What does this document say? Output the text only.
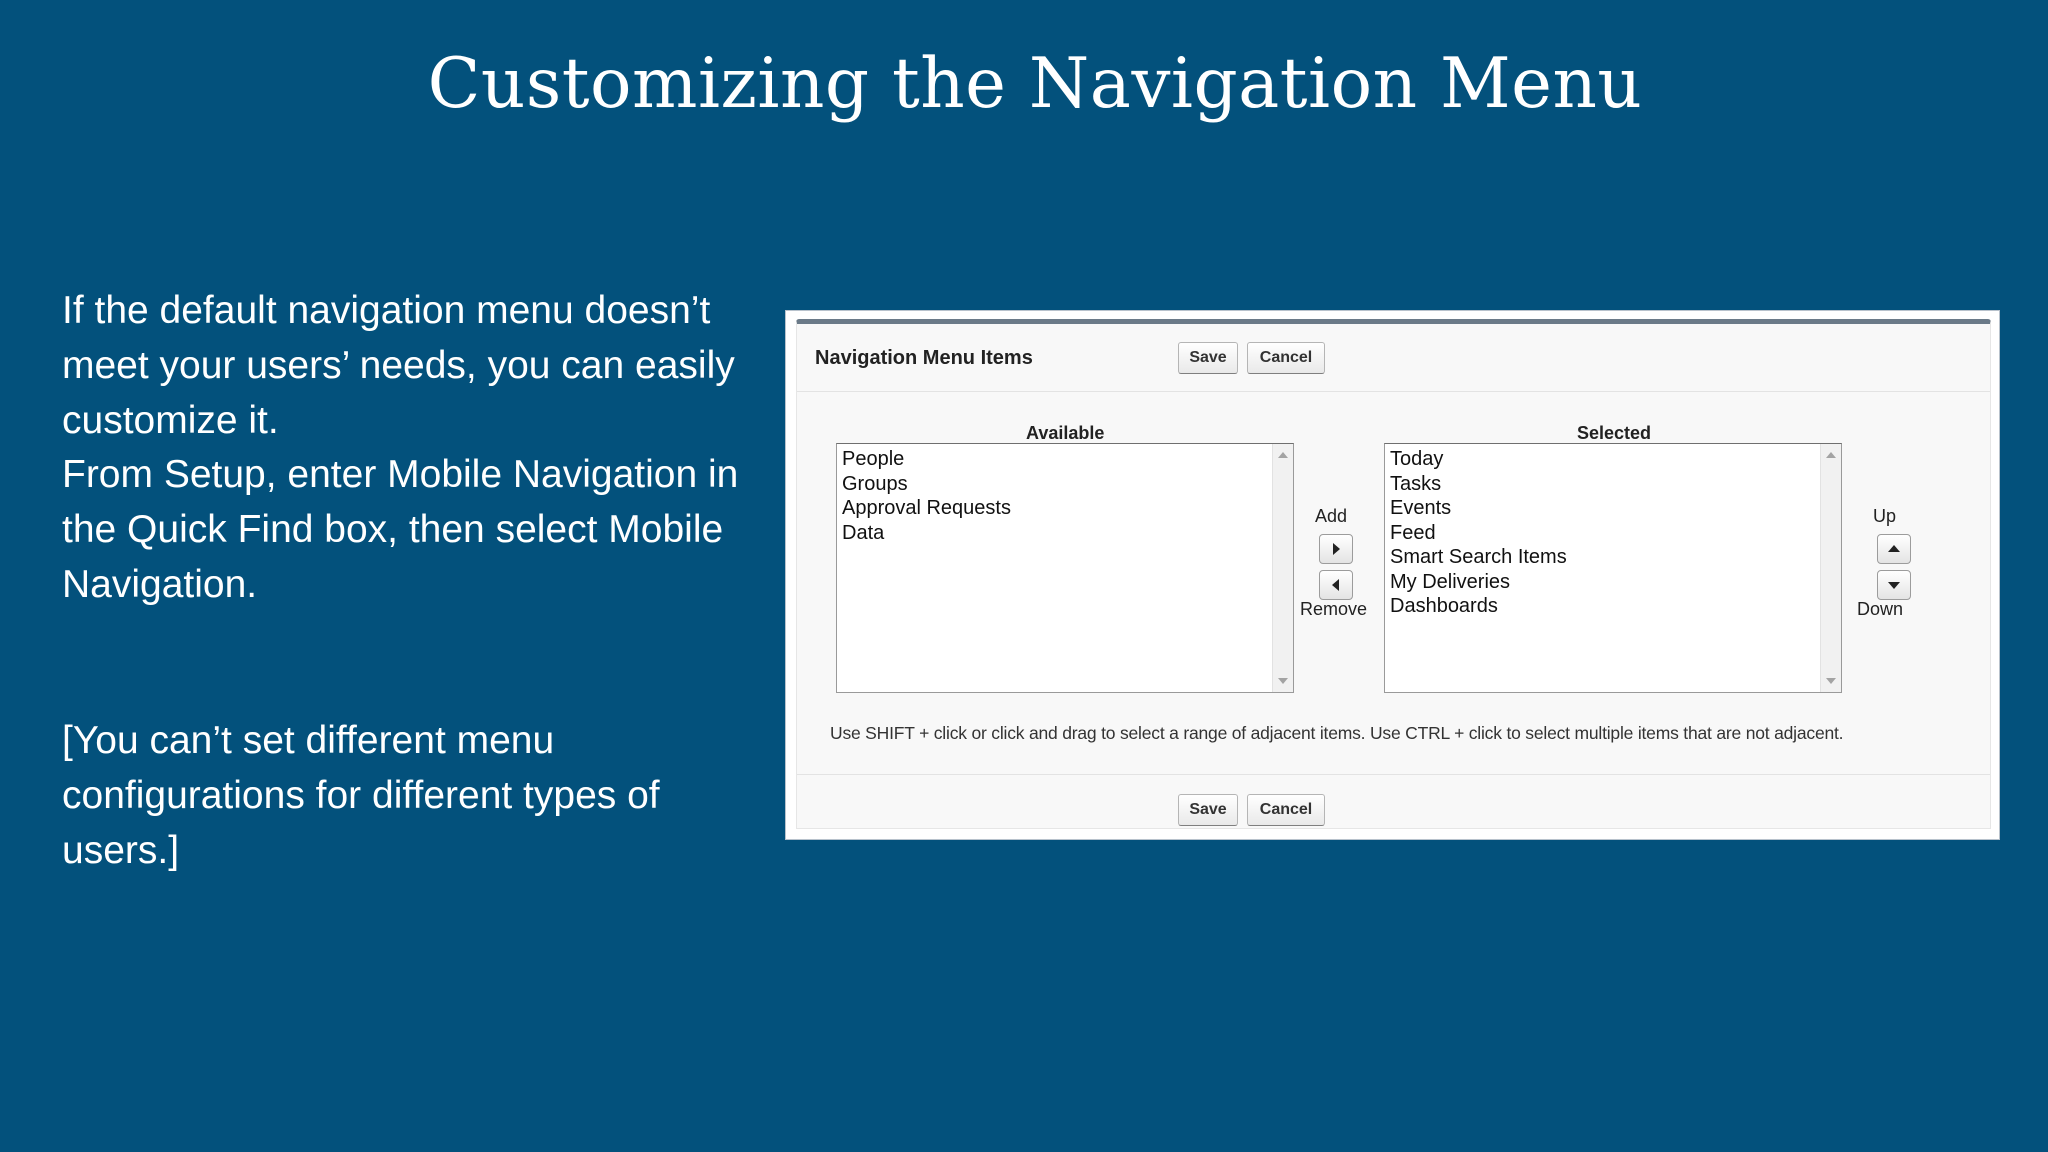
Customizing the Navigation Menu

If the default navigation menu doesn’t meet your users’ needs, you can easily customize it.

From Setup, enter Mobile Navigation in the Quick Find box, then select Mobile Navigation.

[You can’t set different menu configurations for different types of users.]

Navigation Menu Items	Save	Cancel
Available	Selected
People
Groups
Approval Requests
Data
Add
Remove
Today
Tasks
Events
Feed
Smart Search Items
My Deliveries
Dashboards
Up
Down
Use SHIFT + click or click and drag to select a range of adjacent items. Use CTRL + click to select multiple items that are not adjacent.
Save	Cancel
